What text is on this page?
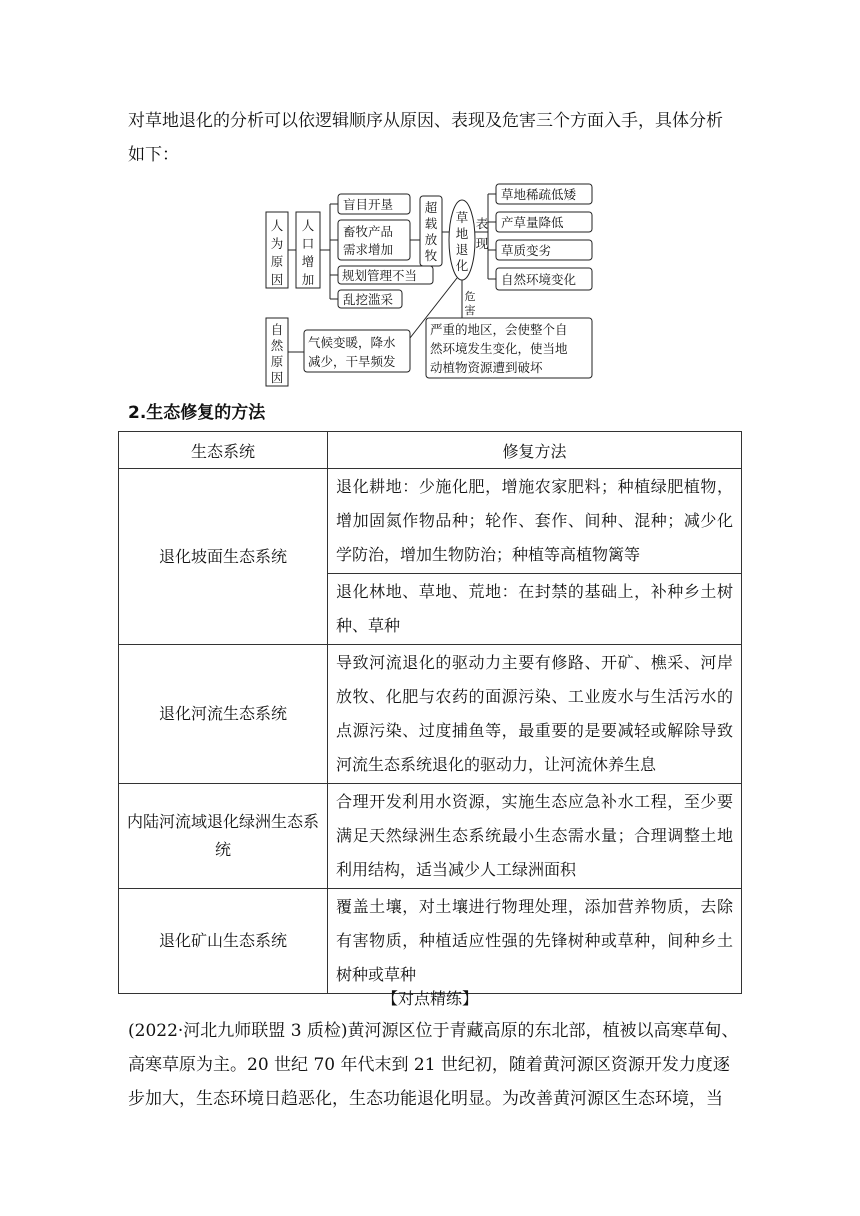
对草地退化的分析可以依逻辑顺序从原因、表现及危害三个方面入手，具体分析
如下：
人
为
原
因
人
口
增
加
超
载
放
牧
草
地
退
化
表
现
危
害
自
然
原
因
盲目开垦
畜牧产品
需求增加
规划管理不当
乱挖滥采
草地稀疏低矮
产草量降低
草质变劣
自然环境变化
气候变暖，降水
减少，干旱频发
严重的地区，会使整个自
然环境发生变化，使当地
动植物资源遭到破坏
2.生态修复的方法
生态系统	修复方法
退化坡面生态系统	退化耕地：少施化肥，增施农家肥料；种植绿肥植物，增加固氮作物品种；轮作、套作、间种、混种；减少化学防治，增加生物防治；种植等高植物篱等
	退化林地、草地、荒地：在封禁的基础上，补种乡土树种、草种
退化河流生态系统	导致河流退化的驱动力主要有修路、开矿、樵采、河岸放牧、化肥与农药的面源污染、工业废水与生活污水的点源污染、过度捕鱼等，最重要的是要减轻或解除导致河流生态系统退化的驱动力，让河流休养生息
内陆河流域退化绿洲生态系统	合理开发利用水资源，实施生态应急补水工程，至少要满足天然绿洲生态系统最小生态需水量；合理调整土地利用结构，适当减少人工绿洲面积
退化矿山生态系统	覆盖土壤，对土壤进行物理处理，添加营养物质，去除有害物质，种植适应性强的先锋树种或草种，间种乡土树种或草种
【对点精练】
(2022·河北九师联盟 3 质检)黄河源区位于青藏高原的东北部，植被以高寒草甸、
高寒草原为主。20 世纪 70 年代末到 21 世纪初，随着黄河源区资源开发力度逐
步加大，生态环境日趋恶化，生态功能退化明显。为改善黄河源区生态环境，当
